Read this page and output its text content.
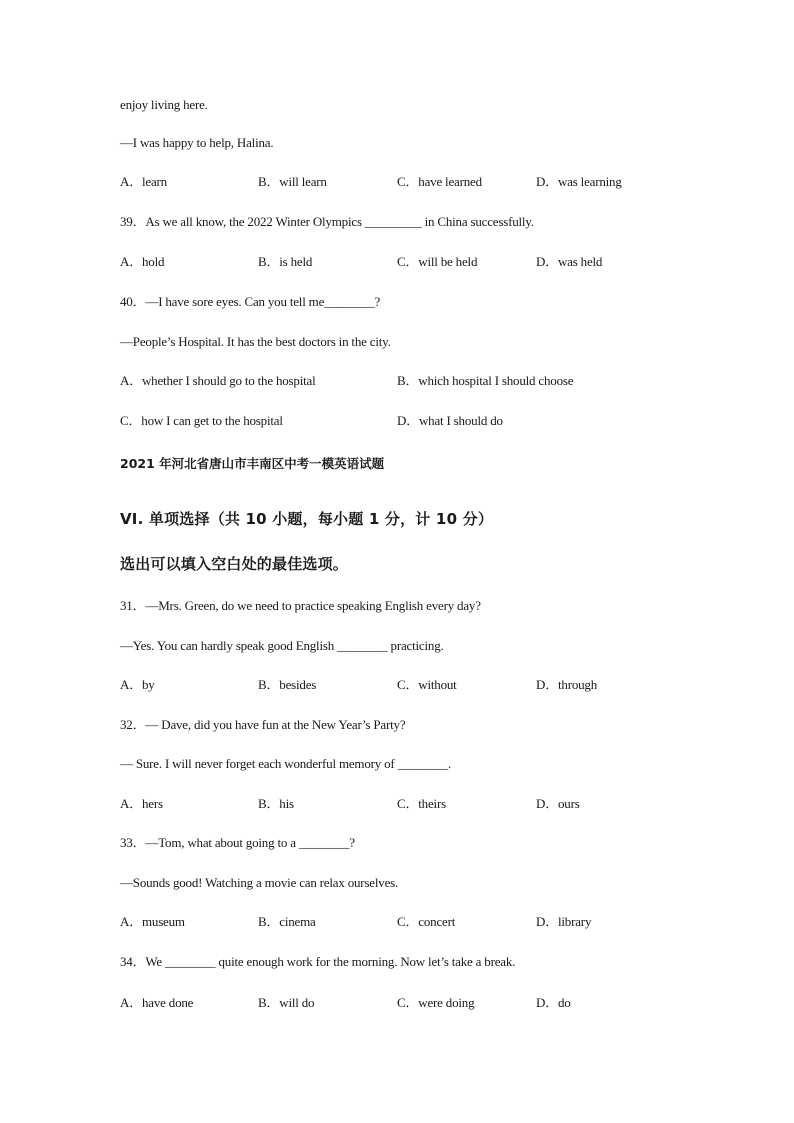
enjoy living here.
—I was happy to help, Halina.
A．learn	B．will learn	C．have learned	D．was learning
39．As we all know, the 2022 Winter Olympics _________ in China successfully.
A．hold	B．is held	C．will be held	D．was held
40．—I have sore eyes. Can you tell me________?
—People’s Hospital. It has the best doctors in the city.
A．whether I should go to the hospital	B．which hospital I should choose
C．how I can get to the hospital	D．what I should do
2021 年河北省唐山市丰南区中考一模英语试题
VI. 单项选择（共 10 小题，每小题 1 分，计 10 分）
选出可以填入空白处的最佳选项。
31．—Mrs. Green, do we need to practice speaking English every day?
—Yes. You can hardly speak good English ________ practicing.
A．by	B．besides	C．without	D．through
32．— Dave, did you have fun at the New Year’s Party?
— Sure. I will never forget each wonderful memory of ________.
A．hers	B．his	C．theirs	D．ours
33．—Tom, what about going to a ________?
—Sounds good! Watching a movie can relax ourselves.
A．museum	B．cinema	C．concert	D．library
34．We ________ quite enough work for the morning. Now let’s take a break.
A．have done	B．will do	C．were doing	D．do
